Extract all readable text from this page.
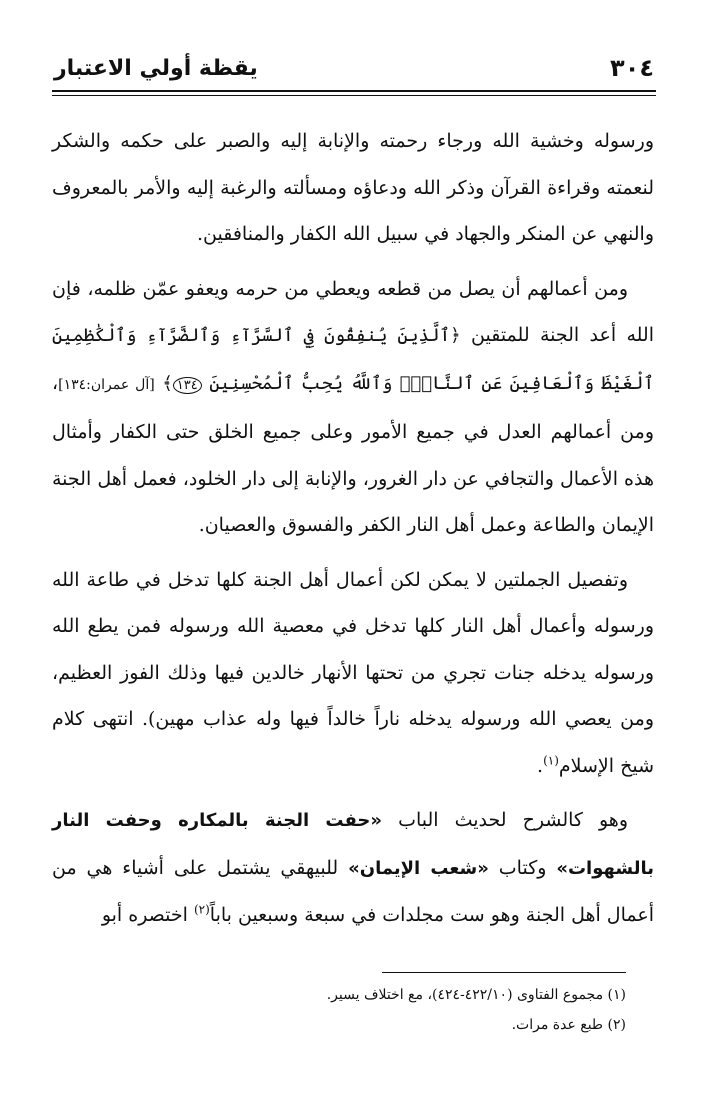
٣٠٤
يقظة أولي الاعتبار

ورسوله وخشية الله ورجاء رحمته والإنابة إليه والصبر على حكمه والشكر لنعمته وقراءة القرآن وذكر الله ودعاؤه ومسألته والرغبة إليه والأمر بالمعروف والنهي عن المنكر والجهاد في سبيل الله الكفار والمنافقين.

ومن أعمالهم أن يصل من قطعه ويعطي من حرمه ويعفو عمّن ظلمه، فإن الله أعد الجنة للمتقين ﴿ٱلَّذِينَ يُنفِقُونَ فِي ٱلسَّرَّآءِ وَٱلضَّرَّآءِ وَٱلْكَٰظِمِينَ ٱلْغَيْظَ وَٱلْعَافِينَ عَنِ ٱلنَّاسِۗ وَٱللَّهُ يُحِبُّ ٱلْمُحْسِنِينَ ١٣٤﴾ [آل عمران:١٣٤]، ومن أعمالهم العدل في جميع الأمور وعلى جميع الخلق حتى الكفار وأمثال هذه الأعمال والتجافي عن دار الغرور، والإنابة إلى دار الخلود، فعمل أهل الجنة الإيمان والطاعة وعمل أهل النار الكفر والفسوق والعصيان.

وتفصيل الجملتين لا يمكن لكن أعمال أهل الجنة كلها تدخل في طاعة الله ورسوله وأعمال أهل النار كلها تدخل في معصية الله ورسوله فمن يطع الله ورسوله يدخله جنات تجري من تحتها الأنهار خالدين فيها وذلك الفوز العظيم، ومن يعصي الله ورسوله يدخله ناراً خالداً فيها وله عذاب مهين). انتهى كلام شيخ الإسلام$^{(١)}$.

وهو كالشرح لحديث الباب «حفت الجنة بالمكاره وحفت النار بالشهوات» وكتاب «شعب الإيمان» للبيهقي يشتمل على أشياء هي من أعمال أهل الجنة وهو ست مجلدات في سبعة وسبعين باباً$^{(٢)}$ اختصره أبو

(١) مجموع الفتاوى (٤٢٢/١٠-٤٢٤)، مع اختلاف يسير.

(٢) طبع عدة مرات.
